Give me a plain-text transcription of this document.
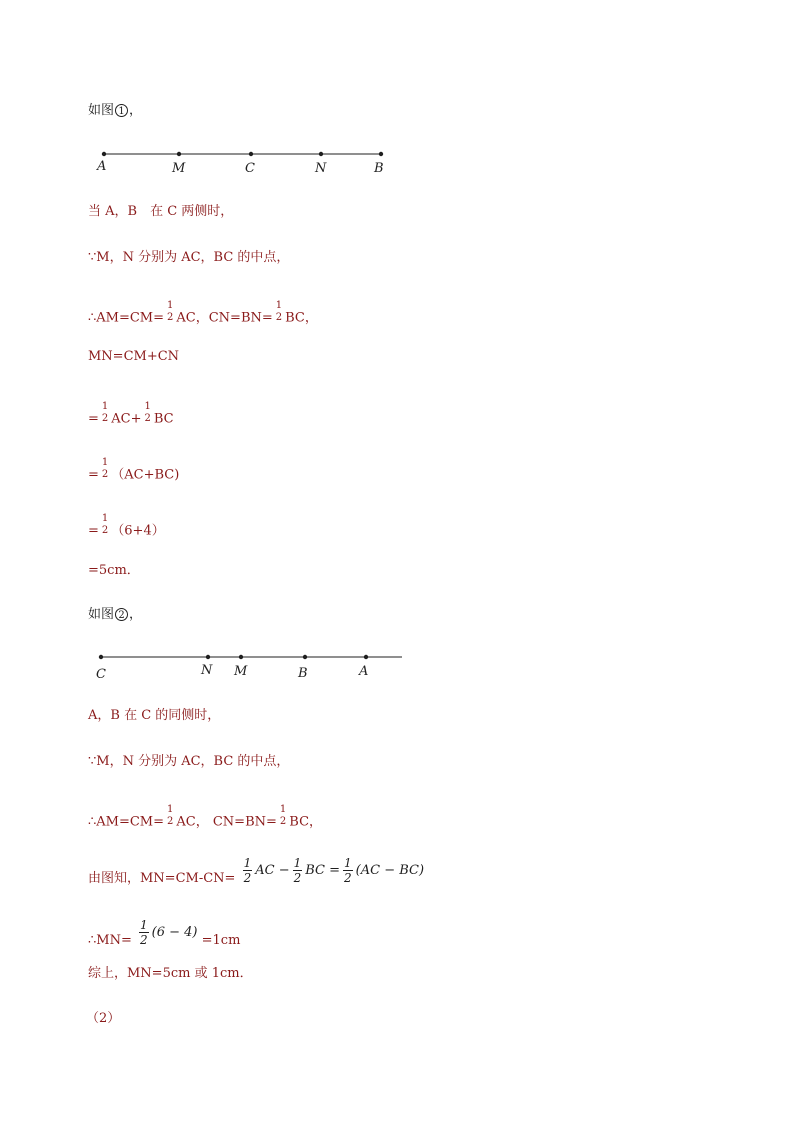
如图 1 ，
A	M	C	N	B
当 A，B　在 C 两侧时，
∵M，N 分别为 AC，BC 的中点，
∴AM=CM=
1
2 AC，CN=BN=
1
2 BC，
MN=CM+CN
=
1
2 AC+
1
2 BC
=
1
2 （AC+BC)
=
1
2 （6+4）
=5cm．
如图 2 ，
C	N M	B	A
A，B 在 C 的同侧时，
∵M，N 分别为 AC，BC 的中点，
∴AM=CM=
1
2 AC， CN=BN=
1
2 BC，
由图知，$MN=CM-CN= \frac{1}{2}$ AC − $\frac{1}{2}$ BC = $\frac{1}{2} (AC - BC)$
∴MN= $\frac{1}{2} (6 - 4) =1cm$
综上，MN=5cm 或 1cm．
（2）
